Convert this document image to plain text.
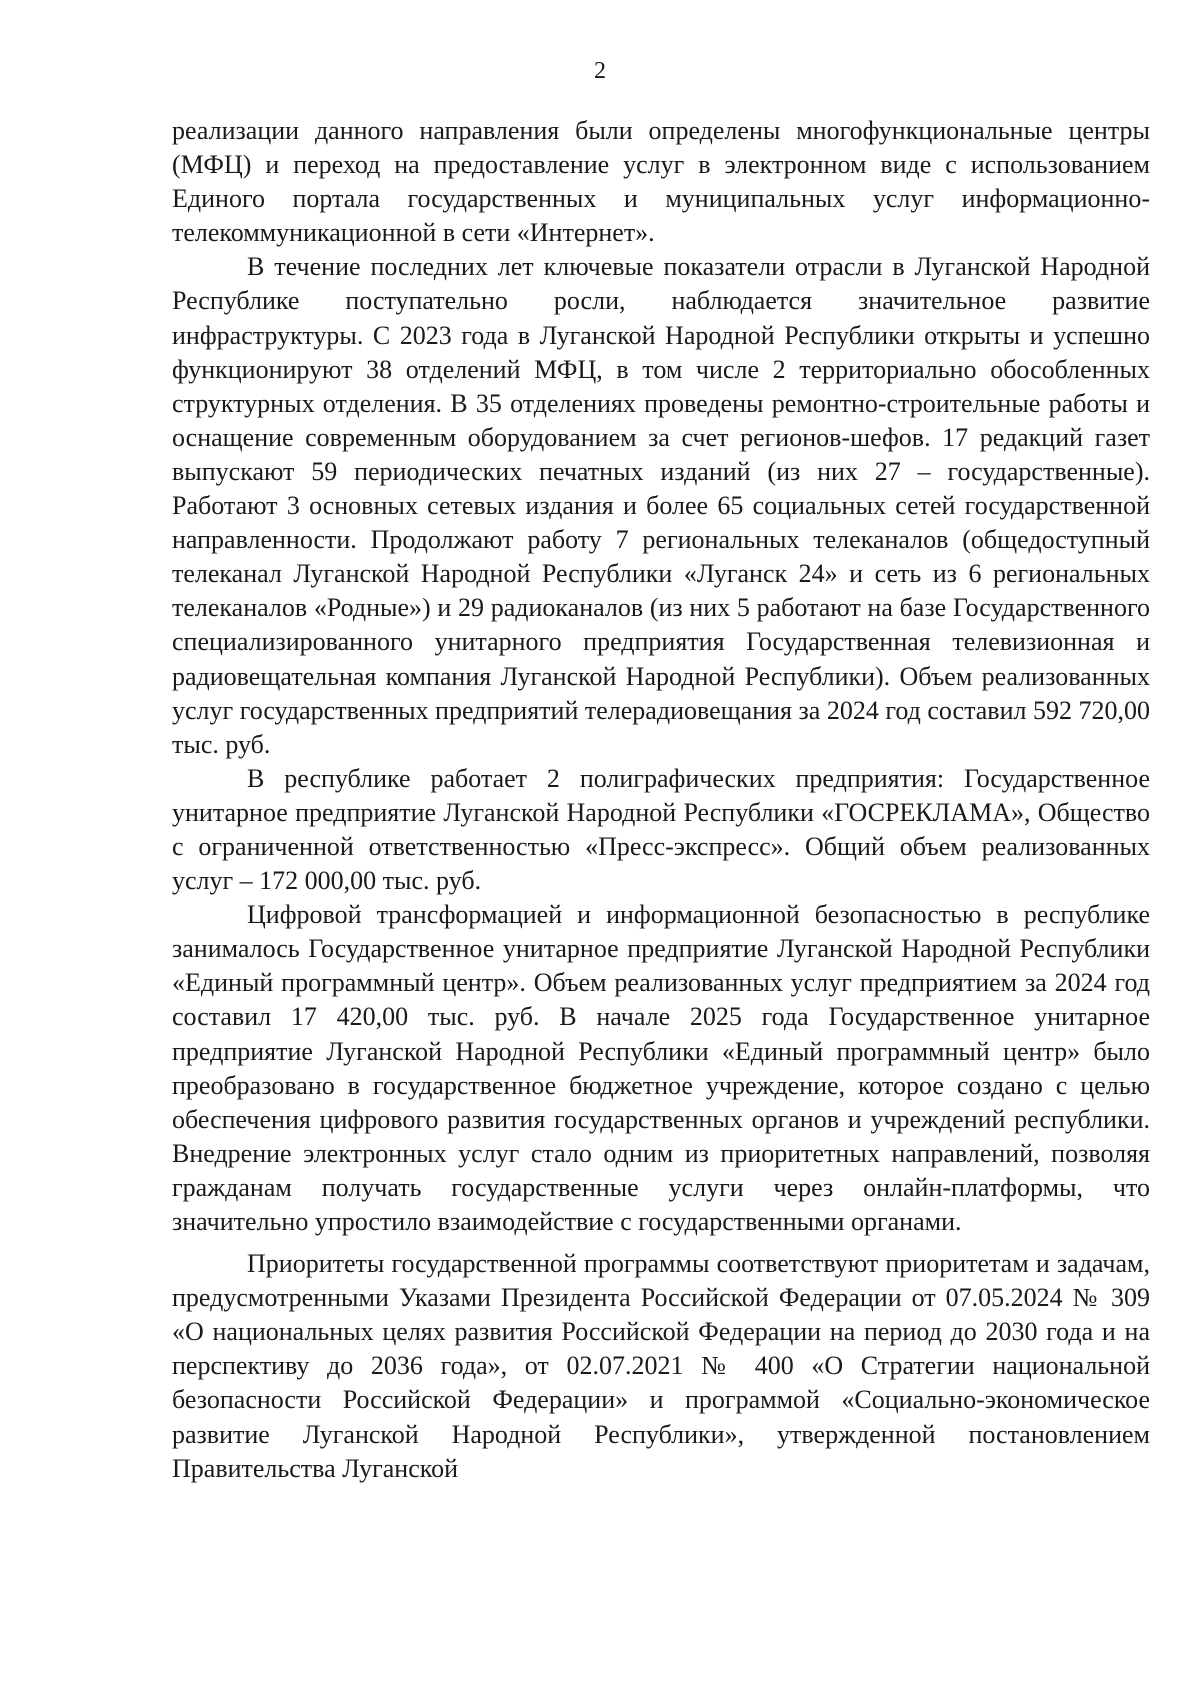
2

реализации данного направления были определены многофункциональные центры (МФЦ) и переход на предоставление услуг в электронном виде с использованием Единого портала государственных и муниципальных услуг информационно-телекоммуникационной в сети «Интернет».

В течение последних лет ключевые показатели отрасли в Луганской Народной Республике поступательно росли, наблюдается значительное развитие инфраструктуры. С 2023 года в Луганской Народной Республики открыты и успешно функционируют 38 отделений МФЦ, в том числе 2 территориально обособленных структурных отделения. В 35 отделениях проведены ремонтно-строительные работы и оснащение современным оборудованием за счет регионов-шефов. 17 редакций газет выпускают 59 периодических печатных изданий (из них 27 – государственные). Работают 3 основных сетевых издания и более 65 социальных сетей государственной направленности. Продолжают работу 7 региональных телеканалов (общедоступный телеканал Луганской Народной Республики «Луганск 24» и сеть из 6 региональных телеканалов «Родные») и 29 радиоканалов (из них 5 работают на базе Государственного специализированного унитарного предприятия Государственная телевизионная и радиовещательная компания Луганской Народной Республики). Объем реализованных услуг государственных предприятий телерадиовещания за 2024 год составил 592 720,00 тыс. руб.

В республике работает 2 полиграфических предприятия: Государственное унитарное предприятие Луганской Народной Республики «ГОСРЕКЛАМА», Общество с ограниченной ответственностью «Пресс-экспресс». Общий объем реализованных услуг – 172 000,00 тыс. руб.

Цифровой трансформацией и информационной безопасностью в республике занималось Государственное унитарное предприятие Луганской Народной Республики «Единый программный центр». Объем реализованных услуг предприятием за 2024 год составил 17 420,00 тыс. руб. В начале 2025 года Государственное унитарное предприятие Луганской Народной Республики «Единый программный центр» было преобразовано в государственное бюджетное учреждение, которое создано с целью обеспечения цифрового развития государственных органов и учреждений республики. Внедрение электронных услуг стало одним из приоритетных направлений, позволяя гражданам получать государственные услуги через онлайн-платформы, что значительно упростило взаимодействие с государственными органами.

Приоритеты государственной программы соответствуют приоритетам и задачам, предусмотренными Указами Президента Российской Федерации от 07.05.2024 № 309 «О национальных целях развития Российской Федерации на период до 2030 года и на перспективу до 2036 года», от 02.07.2021 № 400 «О Стратегии национальной безопасности Российской Федерации» и программой «Социально-экономическое развитие Луганской Народной Республики», утвержденной постановлением Правительства Луганской
